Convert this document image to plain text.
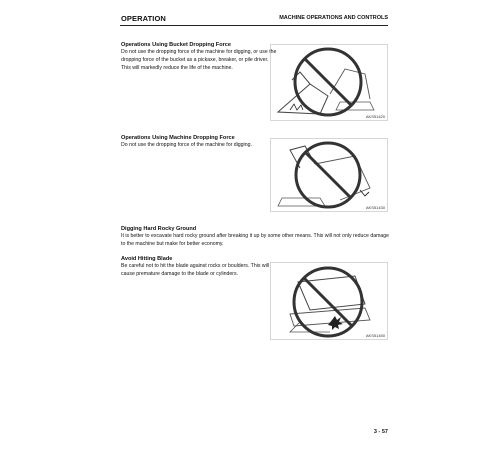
OPERATION	MACHINE OPERATIONS AND CONTROLS
Operations Using Bucket Dropping Force
Do not use the dropping force of the machine for digging, or use the
dropping force of the bucket as a pickaxe, breaker, or pile driver.
This will markedly reduce the life of the machine.
AKS51420
Operations Using Machine Dropping Force
Do not use the dropping force of the machine for digging.
AKS51430
Digging Hard Rocky Ground
It is better to excavate hard rocky ground after breaking it up by some other means. This will not only reduce damage
to the machine but make for better economy.
Avoid Hitting Blade
Be careful not to hit the blade against rocks or boulders. This will
cause premature damage to the blade or cylinders.
AKS51450
3 - 57
